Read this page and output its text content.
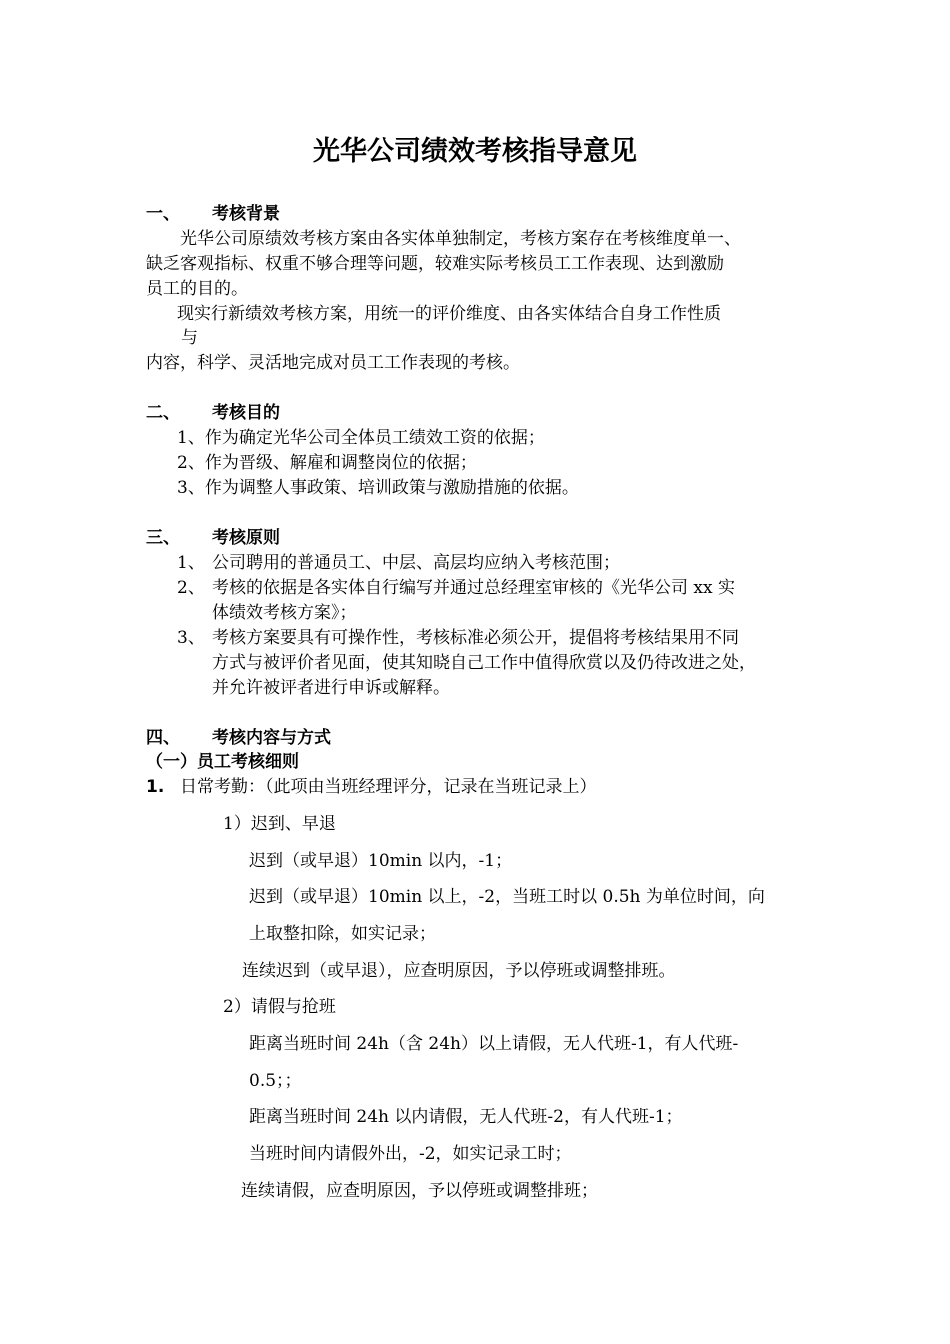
光华公司绩效考核指导意见
一、 考核背景
光华公司原绩效考核方案由各实体单独制定，考核方案存在考核维度单一、
缺乏客观指标、权重不够合理等问题，较难实际考核员工工作表现、达到激励
员工的目的。
现实行新绩效考核方案，用统一的评价维度、由各实体结合自身工作性质
与
内容，科学、灵活地完成对员工工作表现的考核。
二、 考核目的
1、作为确定光华公司全体员工绩效工资的依据；
2、作为晋级、解雇和调整岗位的依据；
3、作为调整人事政策、培训政策与激励措施的依据。
三、 考核原则
1、 公司聘用的普通员工、中层、高层均应纳入考核范围；
2、 考核的依据是各实体自行编写并通过总经理室审核的《光华公司 xx 实
体绩效考核方案》；
3、 考核方案要具有可操作性，考核标准必须公开，提倡将考核结果用不同
方式与被评价者见面，使其知晓自己工作中值得欣赏以及仍待改进之处，
并允许被评者进行申诉或解释。
四、 考核内容与方式
（一）员工考核细则
1. 日常考勤：（此项由当班经理评分，记录在当班记录上）
1）迟到、早退
迟到（或早退）10min 以内，-1；
迟到（或早退）10min 以上，-2，当班工时以 0.5h 为单位时间，向
上取整扣除，如实记录；
连续迟到（或早退），应查明原因，予以停班或调整排班。
2）请假与抢班
距离当班时间 24h（含 24h）以上请假，无人代班-1，有人代班-
0.5；；
距离当班时间 24h 以内请假，无人代班-2，有人代班-1；
当班时间内请假外出，-2，如实记录工时；
连续请假，应查明原因，予以停班或调整排班；
